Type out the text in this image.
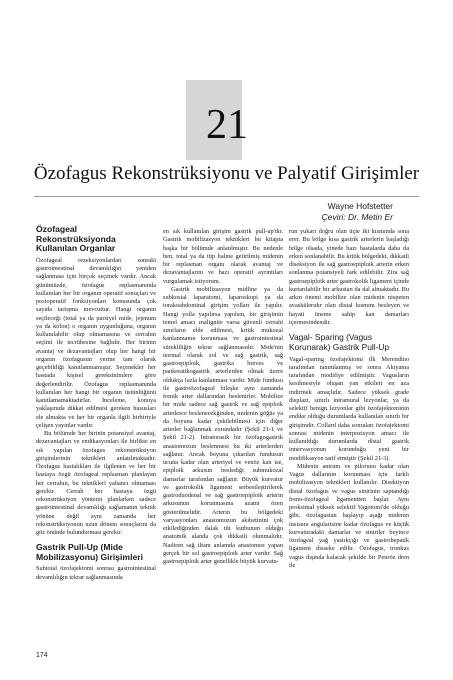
21
Özofagus Rekonstrüksiyonu ve Palyatif Girişimler
Wayne Hofstetter
Çeviri: Dr. Metin Er
Özofageal Rekonstrüksiyonda Kullanılan Organlar

Özofageal rezeksiyonlardan sonraki gastrointestinal devamlılığın yeniden sağlanması için birçok seçenek vardır. Ancak günümüzde, özofagus replasmanında kullanılan her bir organın operatif sonuçları ve postoperatif fonksiyonları konusunda çok sayıda tartışma mevcuttur. Hangi organın seçileceği (total ya da parsiyel mide, jejenum ya da kolon) o organın uygunluğuna, organın kullanılabilir olup olmamasına ve cerrahın seçimi ile tecrübesine bağlıdır. Her birinin avantaj ve dezavantajları olup her hangi bir organın özofagusun yerine tam olarak geçebildiği kanıtlanmamıştır. Seçenekler her hastada kişisel gereksinimlere göre değerlendirilir. Özofagus replasmanında kullanılan her hangi bir organın üstünlüğünü kanıtlamamaktadırlar. İnceleme, konuya yaklaşımda dikkat edilmesi gereken hususları ele almakta ve her bir organla ilgili birbiriyle çelişen yayınlar vardır.

Bu bölümde her birinin potansiyel avantaj, dezavantajları ve endikasyonları ile birlikte en sık yapılan özofagus rekonstrüksiyon girişimlerinin teknikleri anlatılmaktadır. Özofagus hastalıkları ile ilgilenen ve her bir hastaya özgü özofageal replasman planlayan her cerrahın, bu teknikleri yabancı olmaması gerekir. Cerrah her hastaya özgü rekonstrüksiyon yöntemi planlarken sadece gastrointestinal devamlılığı sağlamanın teknik yönüne değil aynı zamanda her rekonstrüksiyonun uzun dönem sonuçlarını da göz önünde bulundurması gerekir.

Gastrik Pull-Up (Mide Mobilizasyonu) Girişimleri

Subtotal özofajektomi sonrası gastrointestinal devamlılığın tekrar sağlanmasında

en sık kullanılan girişim gastrik pull-up'dır. Gastrik mobilizasyon teknikleri bu kitapta başka bir bölümde anlatılmıştır. Bu nedenle ben, total ya da tüp haline getirilmiş midenin bir replasman organı olarak avantaj ve dezavantajlarını ve bazı operatif ayrıntıları vurgulamak istiyorum.

Gastrik mobilizasyon midline ya da subkostal laparatomi, laparoskopi ya da torakoabdominal girişim yolları ile yapılır. Hangi yolla yapılırsa yapılsın, bir girişimin temel amacı malignite varsa güvenli cerrahi sınırların elde edilmesi, kritik mukozal kanlanmanın korunması ve gastrointestinal sürekliliğin tekrar sağlanmasıdır. Mide'nin normal olarak sol ve sağ gastrik, sağ gastroepiploik, gastrika breves ve pankreatikogastrik arterlerden olmak üzere oldukça fazla kanlanması vardır. Mide fundusu ile gastroözofageal bileşke aynı zamanda frenik arter dallarından beslenirler. Mobilize bir mide sadece sağ gastrik ve sağ epiploik arterlerce beslenecekğinden, midenin göğüs ya da boyuna kadar çekilebilmesi için diğer arterler bağlanmak zorundadır (Şekil 21-1 ve Şekil 21-2). İntratorasik bir özofagogastrik anastomozun beslenmesi bu iki arterlerden sağlanır. Ancak boyuna çıkarılan fundusun ucuna kadar olan arteriyel ve venöz kan ise, epiploik arkusun beslediği submukozal damarlar tarafından sağlanır. Büyük kurvatur ve gastrokolik ligament serbestleştirilerek gastroduodenal ve sağ gastroepiploik arterin arkusunun korunmasına azami özen gösterilmelidir. Arterin bu bölgedeki varyasyonları anastomozun akıbetinini çok etkilediğinden dalak tüt kutbunun olduğu anatomik alanda çok dikkatli olunmalıdır. Nadiren sağ iltam anlamda anastomoz yapan gerçek bir sol gastroepiploik arter vardır. Sağ gastroepiploik arter genellikle büyük kurvatu-

run yukarı doğru olan üçte iki kısmında sona erer. Bu bölge kısa gastrik arterlerin başladığı bölge olsada, yinede bazı hastalarda daha da erken sonlanabilir. Bu kritik bölgedeki, dikkatli diseksiyon ile sağ gastroepiploik arterin erken sonlanma potansiyeli fark edilebilir. Zira sağ gastroepiploik arter gastrokolik ligament içinde kurtarılabilir bir arkustan da dal almaktadır. Bu arkın önemi mobilize olan midenin nispeten avaskülerıdır olan distal kısmını besleyen ve hayati öneme sahip kan damarları içermesindendir.

Vagal- Sparing (Vagus Korunarak) Gastrik Pull-Up

Vagal-sparing özofajektomi ilk Merendino tarafından tanımlanmış ve sonra Akiyama tarafından modifiye edilmiştir. Vagusların kesilmesiyle oluşan yan etkileri en aza indirmek amaçlıdır. Sadece yüksek grade displazi, sınırlı intramural lezyonlar, ya da selektif benign lezyonlar gibi özofajektominin endike olduğu durumlarda kullanılan sınırlı bir girişimdir. Collard daha sonraları özofajektomi sonrası midenin interpozisyon amacı ile kullanıldığı durumlarda distal gastrik innervasyonun korunduğu yeni bir modifikasyon tarif etmiştir (Şekil 21-3).

Midenin antrum ve pilorunu kadar olan Vagus dallarının korunması için farklı mobilizasyon teknikleri kullanılır. Disektiyon distal özofagus ve vagus sinirinin saptandığı freno-özofageal ligamentten başlar. Aynı proksimal yüksek selektif Vagotomi'de olduğu gibi, özofagustan başlayıp aşağı midenin insisura angularisine kadar özofagus ve küçük kurvaturadaki damarlar ve siniriler beyince özofageal yağ yastıkçığı ve gastrohepatik ligament disseke edilir. Özofagus, trunkus vagus dışında kalacak şekilde bir Penröz dren ile

174
